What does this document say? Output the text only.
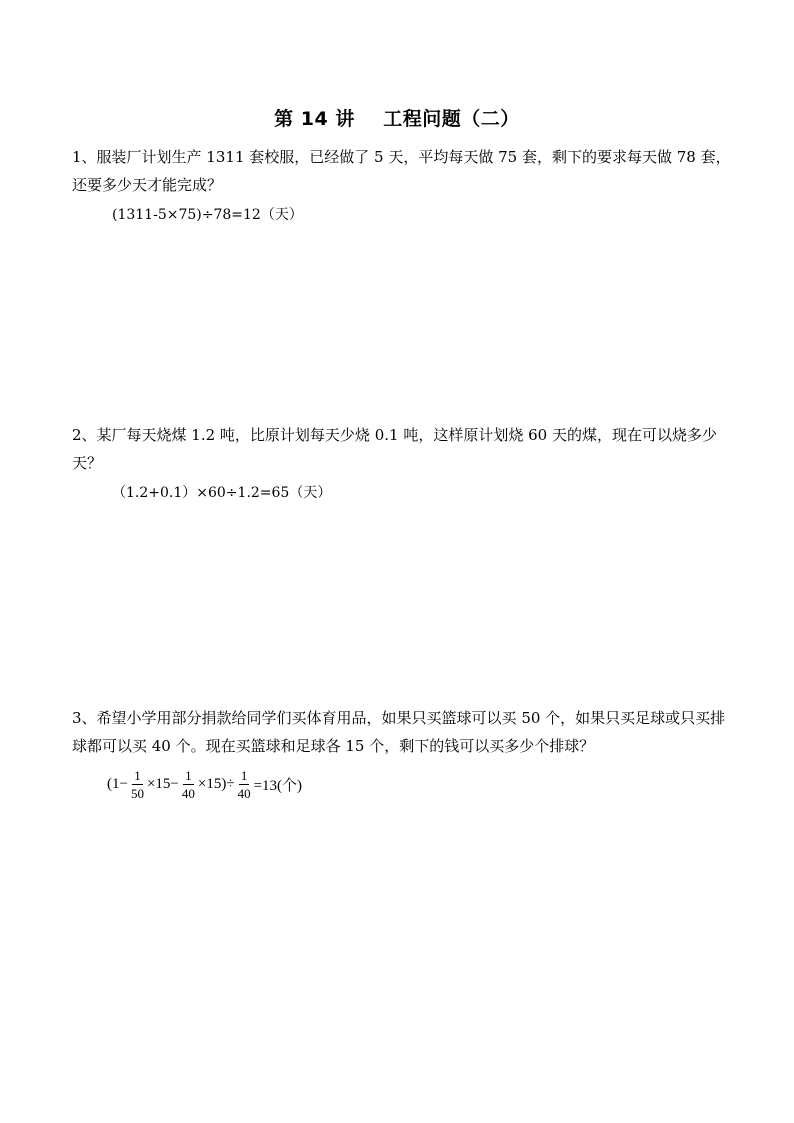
第 14 讲    工程问题（二）

1、服装厂计划生产 1311 套校服，已经做了 5 天，平均每天做 75 套，剩下的要求每天做 78 套，还要多少天才能完成？

(1311-5×75)÷78=12（天）

2、某厂每天烧煤 1.2 吨，比原计划每天少烧 0.1 吨，这样原计划烧 60 天的煤，现在可以烧多少天？

（1.2+0.1）×60÷1.2=65（天）

3、希望小学用部分捐款给同学们买体育用品，如果只买篮球可以买 50 个，如果只买足球或只买排球都可以买 40 个。现在买篮球和足球各 15 个，剩下的钱可以买多少个排球？

$(1- \frac{1}{50} \times 15- \frac{1}{40} \times 15)\div \frac{1}{40} =13$(个)
